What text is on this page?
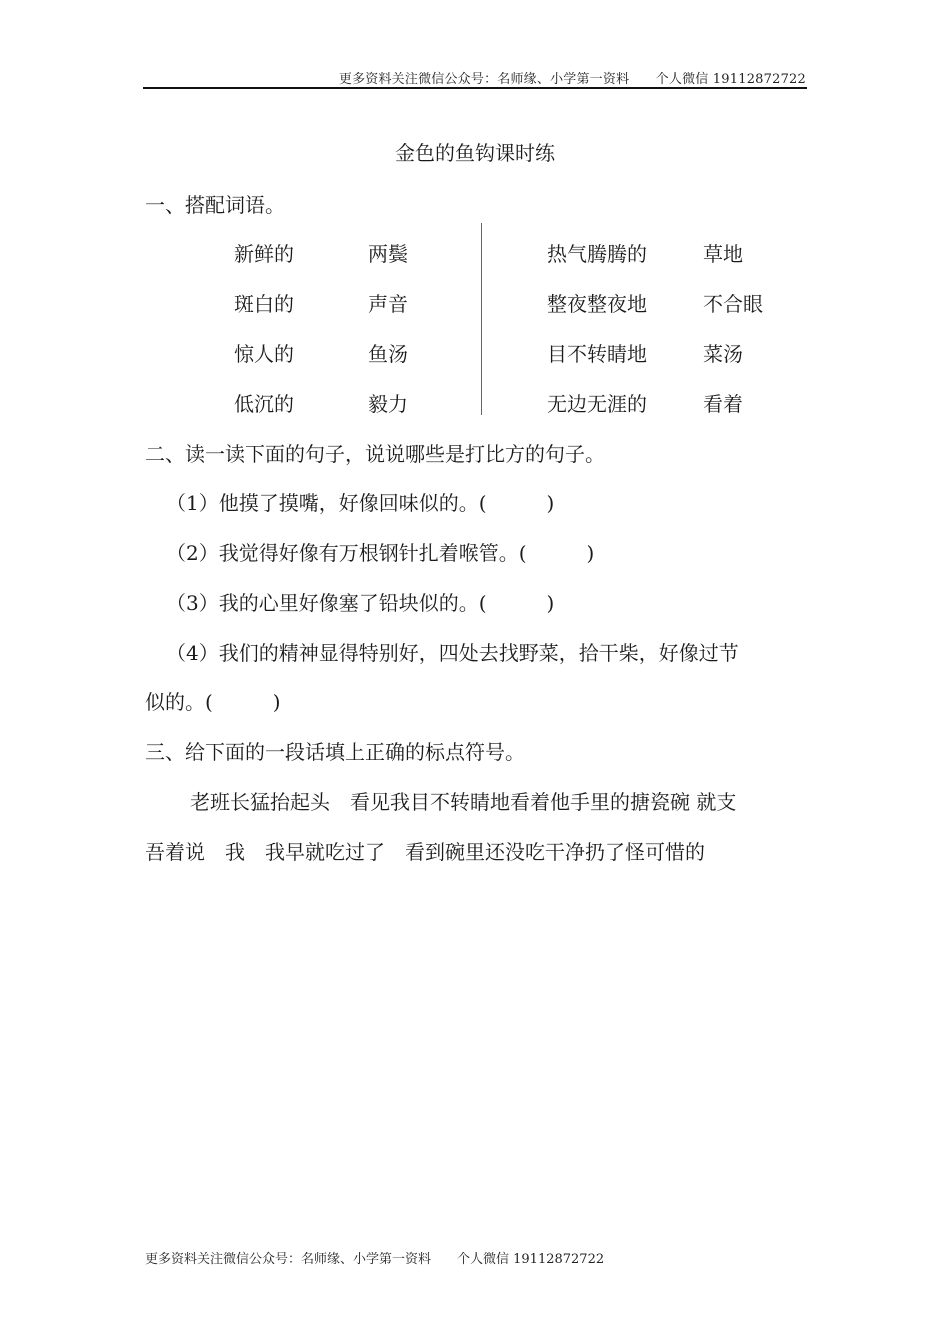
更多资料关注微信公众号：名师缘、小学第一资料　　个人微信 19112872722
金色的鱼钩课时练
一、搭配词语。
新鲜的
斑白的
惊人的
低沉的
两鬓
声音
鱼汤
毅力
热气腾腾的
整夜整夜地
目不转睛地
无边无涯的
草地
不合眼
菜汤
看着
二、读一读下面的句子，说说哪些是打比方的句子。
（1）他摸了摸嘴，好像回味似的。(　　　)
（2）我觉得好像有万根钢针扎着喉管。(　　　)
（3）我的心里好像塞了铅块似的。(　　　)
（4）我们的精神显得特别好，四处去找野菜，拾干柴，好像过节
似的。(　　　)
三、给下面的一段话填上正确的标点符号。
老班长猛抬起头　看见我目不转睛地看着他手里的搪瓷碗 就支
吾着说　我　我早就吃过了　看到碗里还没吃干净扔了怪可惜的
更多资料关注微信公众号：名师缘、小学第一资料　　个人微信 19112872722
